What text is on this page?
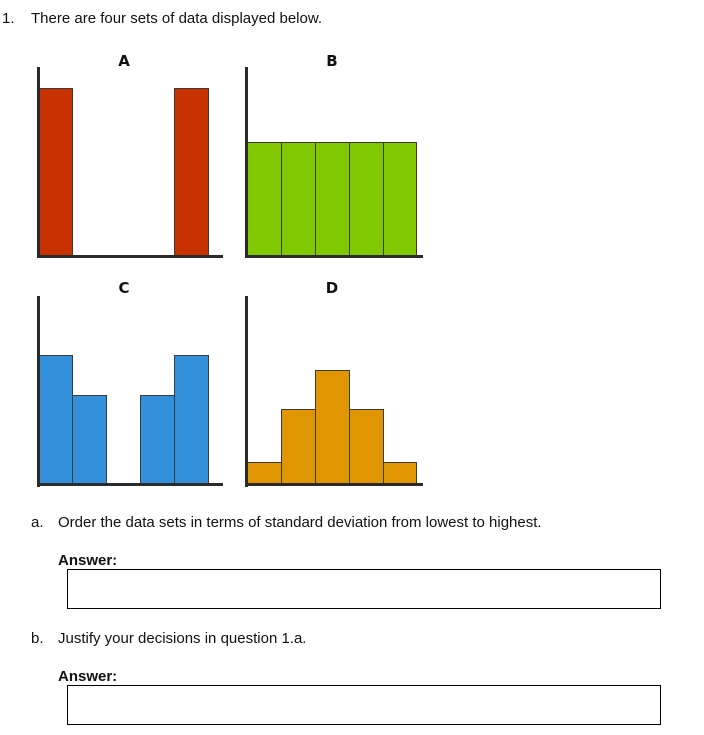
1. There are four sets of data displayed below.
A	B
C	D
a. Order the data sets in terms of standard deviation from lowest to highest.
Answer:
b. Justify your decisions in question 1.a.
Answer:
